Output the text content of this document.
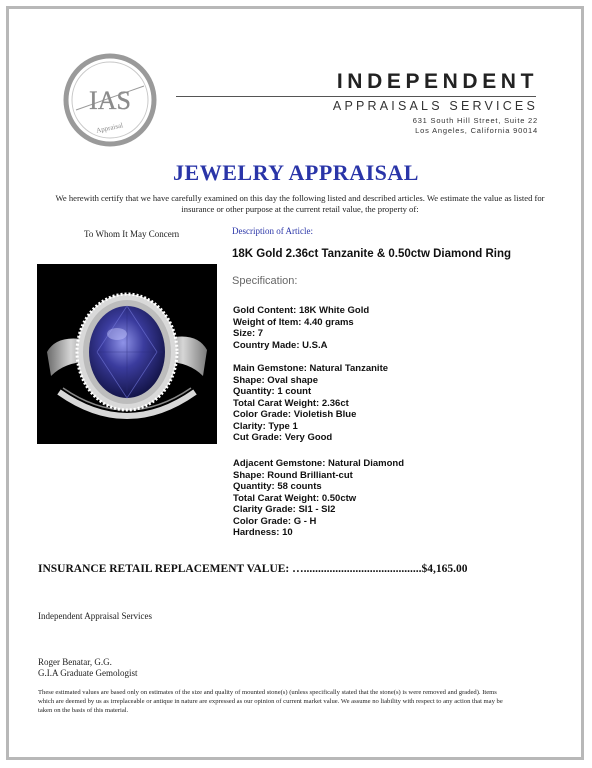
IAS
Appraisal
INDEPENDENT
APPRAISALS SERVICES
631 South Hill Street, Suite 22
Los Angeles, California 90014
JEWELRY APPRAISAL
We herewith certify that we have carefully examined on this day the following listed and described articles. We estimate the value as listed for insurance or other purpose at the current retail value, the property of:
To Whom It May Concern	Description of Article:
18K Gold 2.36ct Tanzanite & 0.50ctw Diamond Ring
Specification:
Gold Content: 18K White Gold
Weight of Item: 4.40 grams
Size: 7
Country Made: U.S.A
Main Gemstone: Natural Tanzanite
Shape: Oval shape
Quantity: 1 count
Total Carat Weight: 2.36ct
Color Grade: Violetish Blue
Clarity: Type 1
Cut Grade: Very Good
Adjacent Gemstone: Natural Diamond
Shape: Round Brilliant-cut
Quantity: 58 counts
Total Carat Weight: 0.50ctw
Clarity Grade: SI1 - SI2
Color Grade: G - H
Hardness: 10
INSURANCE RETAIL REPLACEMENT VALUE: ….........................................$4,165.00
Independent Appraisal Services
Roger Benatar, G.G.
G.I.A Graduate Gemologist
These estimated values are based only on estimates of the size and quality of mounted stone(s) (unless specifically stated that the stone(s) is were removed and graded). Items which are deemed by us as irreplaceable or antique in nature are expressed as our opinion of current market value. We assume no liability with respect to any action that may be taken on the basis of this material.
